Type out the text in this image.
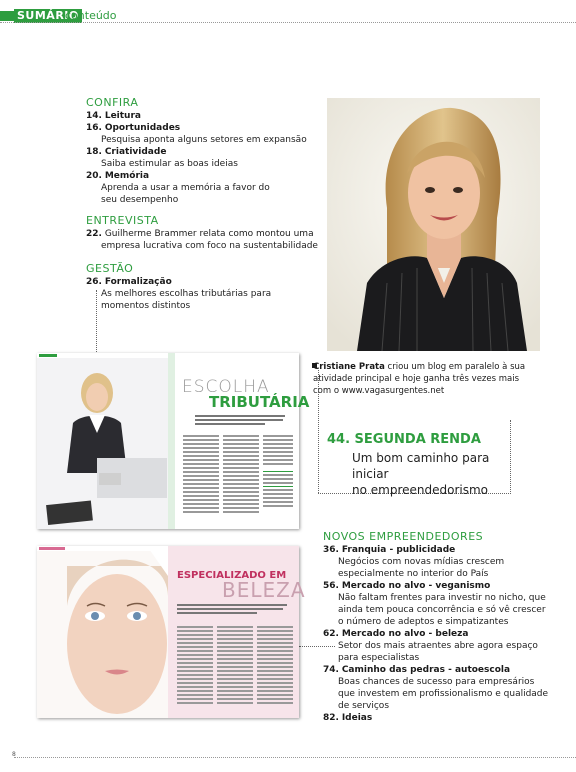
SUMÁRIO
conteúdo
CONFIRA
14. Leitura
16. Oportunidades
Pesquisa aponta alguns setores em expansão
18. Criatividade
Saiba estimular as boas ideias
20. Memória
Aprenda a usar a memória a favor do
seu desempenho
ENTREVISTA
22. Guilherme Brammer relata como montou uma
empresa lucrativa com foco na sustentabilidade
GESTÃO
26. Formalização
As melhores escolhas tributárias para
momentos distintos
ESCOLHA
TRIBUTÁRIA
Cristiane Prata criou um blog em paralelo à sua
atividade principal e hoje ganha três vezes mais
com o www.vagasurgentes.net
44. SEGUNDA RENDA
Um bom caminho para iniciar
no empreendedorismo
NOVOS EMPREENDEDORES
36. Franquia - publicidade
Negócios com novas mídias crescem
especialmente no interior do País
56. Mercado no alvo - veganismo
Não faltam frentes para investir no nicho, que
ainda tem pouca concorrência e só vê crescer
o número de adeptos e simpatizantes
62. Mercado no alvo - beleza
Setor dos mais atraentes abre agora espaço
para especialistas
74. Caminho das pedras - autoescola
Boas chances de sucesso para empresários
que investem em profissionalismo e qualidade
de serviços
82. Ideias
ESPECIALIZADO EM
BELEZA
8
